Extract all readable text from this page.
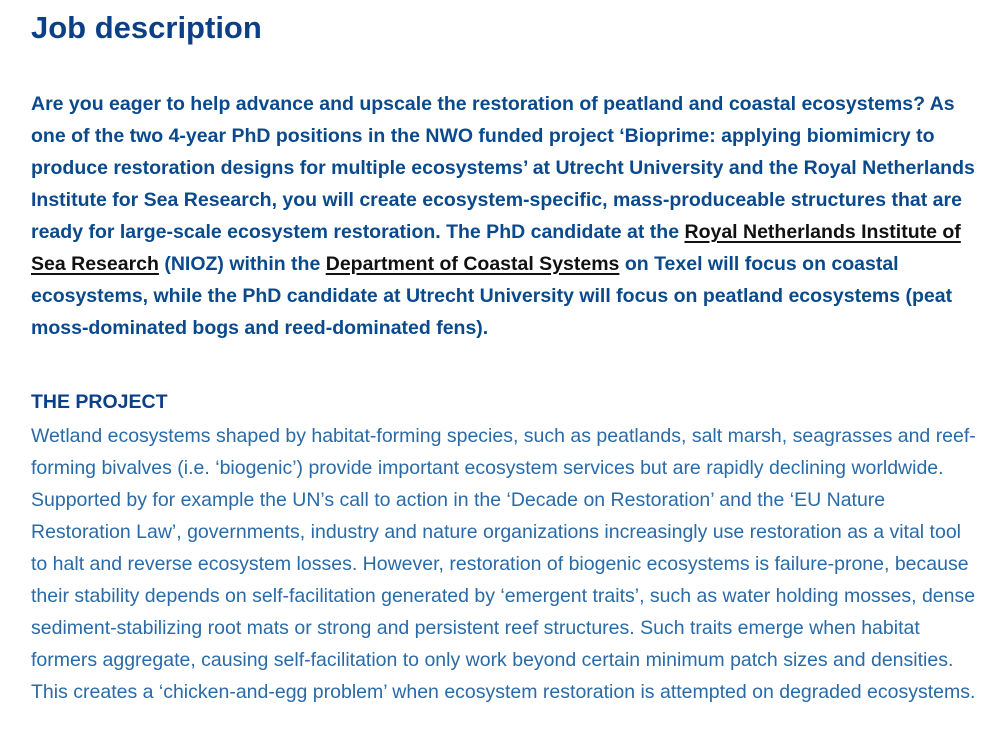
Job description

Are you eager to help advance and upscale the restoration of peatland and coastal ecosystems? As one of the two 4-year PhD positions in the NWO funded project ‘Bioprime: applying biomimicry to produce restoration designs for multiple ecosystems’ at Utrecht University and the Royal Netherlands Institute for Sea Research, you will create ecosystem-specific, mass-produceable structures that are ready for large-scale ecosystem restoration. The PhD candidate at the Royal Netherlands Institute of Sea Research (NIOZ) within the Department of Coastal Systems on Texel will focus on coastal ecosystems, while the PhD candidate at Utrecht University will focus on peatland ecosystems (peat moss-dominated bogs and reed-dominated fens).

THE PROJECT

Wetland ecosystems shaped by habitat-forming species, such as peatlands, salt marsh, seagrasses and reef-forming bivalves (i.e. ‘biogenic’) provide important ecosystem services but are rapidly declining worldwide. Supported by for example the UN’s call to action in the ‘Decade on Restoration’ and the ‘EU Nature Restoration Law’, governments, industry and nature organizations increasingly use restoration as a vital tool to halt and reverse ecosystem losses. However, restoration of biogenic ecosystems is failure-prone, because their stability depends on self-facilitation generated by ‘emergent traits’, such as water holding mosses, dense sediment-stabilizing root mats or strong and persistent reef structures. Such traits emerge when habitat formers aggregate, causing self-facilitation to only work beyond certain minimum patch sizes and densities. This creates a ‘chicken-and-egg problem’ when ecosystem restoration is attempted on degraded ecosystems.
